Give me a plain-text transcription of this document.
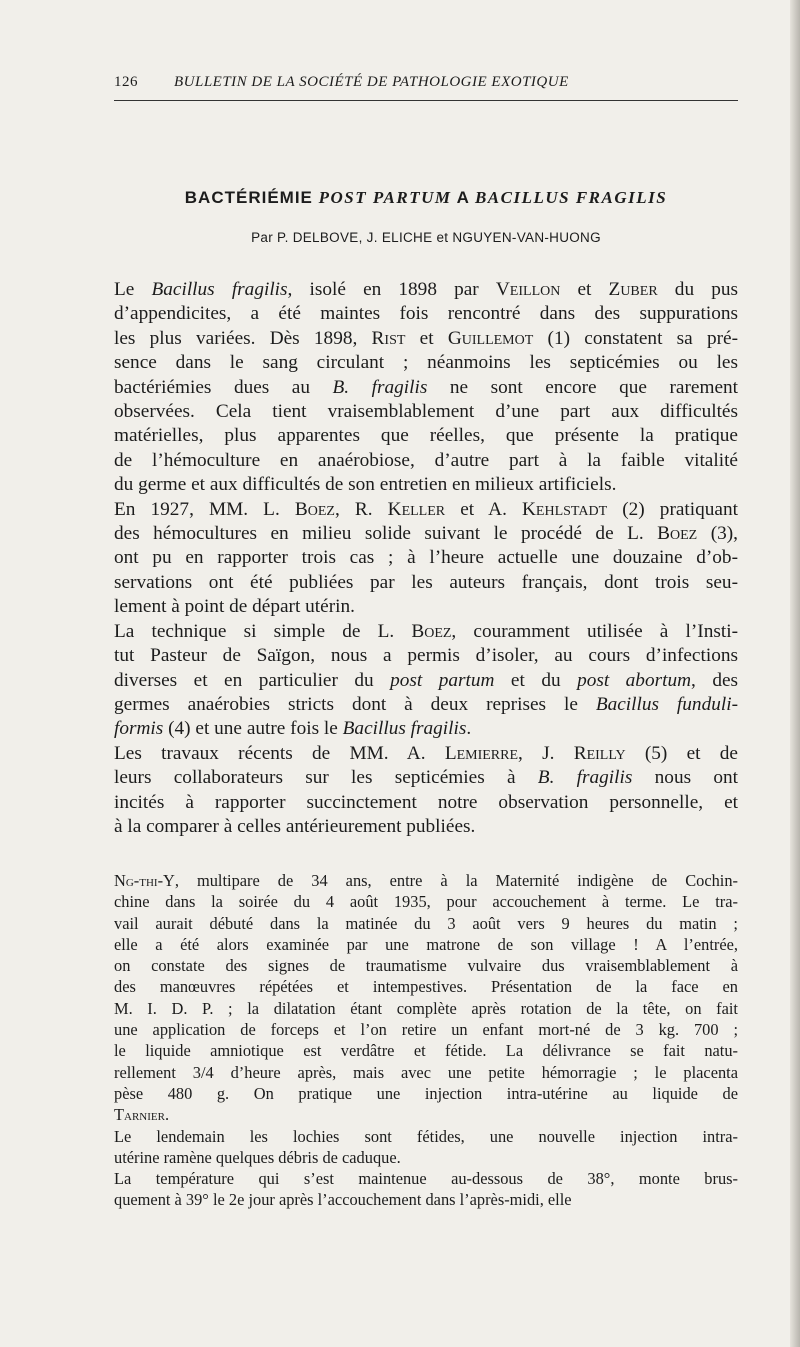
126 BULLETIN DE LA SOCIÉTÉ DE PATHOLOGIE EXOTIQUE
BACTÉRIÉMIE POST PARTUM A BACILLUS FRAGILIS
Par P. DELBOVE, J. ELICHE et NGUYEN-VAN-HUONG
Le Bacillus fragilis, isolé en 1898 par Veillon et Zuber du pus
d’appendicites, a été maintes fois rencontré dans des suppurations
les plus variées. Dès 1898, Rist et Guillemot (1) constatent sa pré-
sence dans le sang circulant ; néanmoins les septicémies ou les
bactériémies dues au B. fragilis ne sont encore que rarement
observées. Cela tient vraisemblablement d’une part aux difficultés
matérielles, plus apparentes que réelles, que présente la pratique
de l’hémoculture en anaérobiose, d’autre part à la faible vitalité
du germe et aux difficultés de son entretien en milieux artificiels.
En 1927, MM. L. Boez, R. Keller et A. Kehlstadt (2) pratiquant
des hémocultures en milieu solide suivant le procédé de L. Boez (3),
ont pu en rapporter trois cas ; à l’heure actuelle une douzaine d’ob-
servations ont été publiées par les auteurs français, dont trois seu-
lement à point de départ utérin.
La technique si simple de L. Boez, couramment utilisée à l’Insti-
tut Pasteur de Saïgon, nous a permis d’isoler, au cours d’infections
diverses et en particulier du post partum et du post abortum, des
germes anaérobies stricts dont à deux reprises le Bacillus funduli-
formis (4) et une autre fois le Bacillus fragilis.
Les travaux récents de MM. A. Lemierre, J. Reilly (5) et de
leurs collaborateurs sur les septicémies à B. fragilis nous ont
incités à rapporter succinctement notre observation personnelle, et
à la comparer à celles antérieurement publiées.
Ng-thi-Y, multipare de 34 ans, entre à la Maternité indigène de Cochin-
chine dans la soirée du 4 août 1935, pour accouchement à terme. Le tra-
vail aurait débuté dans la matinée du 3 août vers 9 heures du matin ;
elle a été alors examinée par une matrone de son village ! A l’entrée,
on constate des signes de traumatisme vulvaire dus vraisemblablement à
des manœuvres répétées et intempestives. Présentation de la face en
M. I. D. P. ; la dilatation étant complète après rotation de la tête, on fait
une application de forceps et l’on retire un enfant mort-né de 3 kg. 700 ;
le liquide amniotique est verdâtre et fétide. La délivrance se fait natu-
rellement 3/4 d’heure après, mais avec une petite hémorragie ; le placenta
pèse 480 g. On pratique une injection intra-utérine au liquide de
Tarnier.
Le lendemain les lochies sont fétides, une nouvelle injection intra-
utérine ramène quelques débris de caduque.
La température qui s’est maintenue au-dessous de 38°, monte brus-
quement à 39° le 2e jour après l’accouchement dans l’après-midi, elle
